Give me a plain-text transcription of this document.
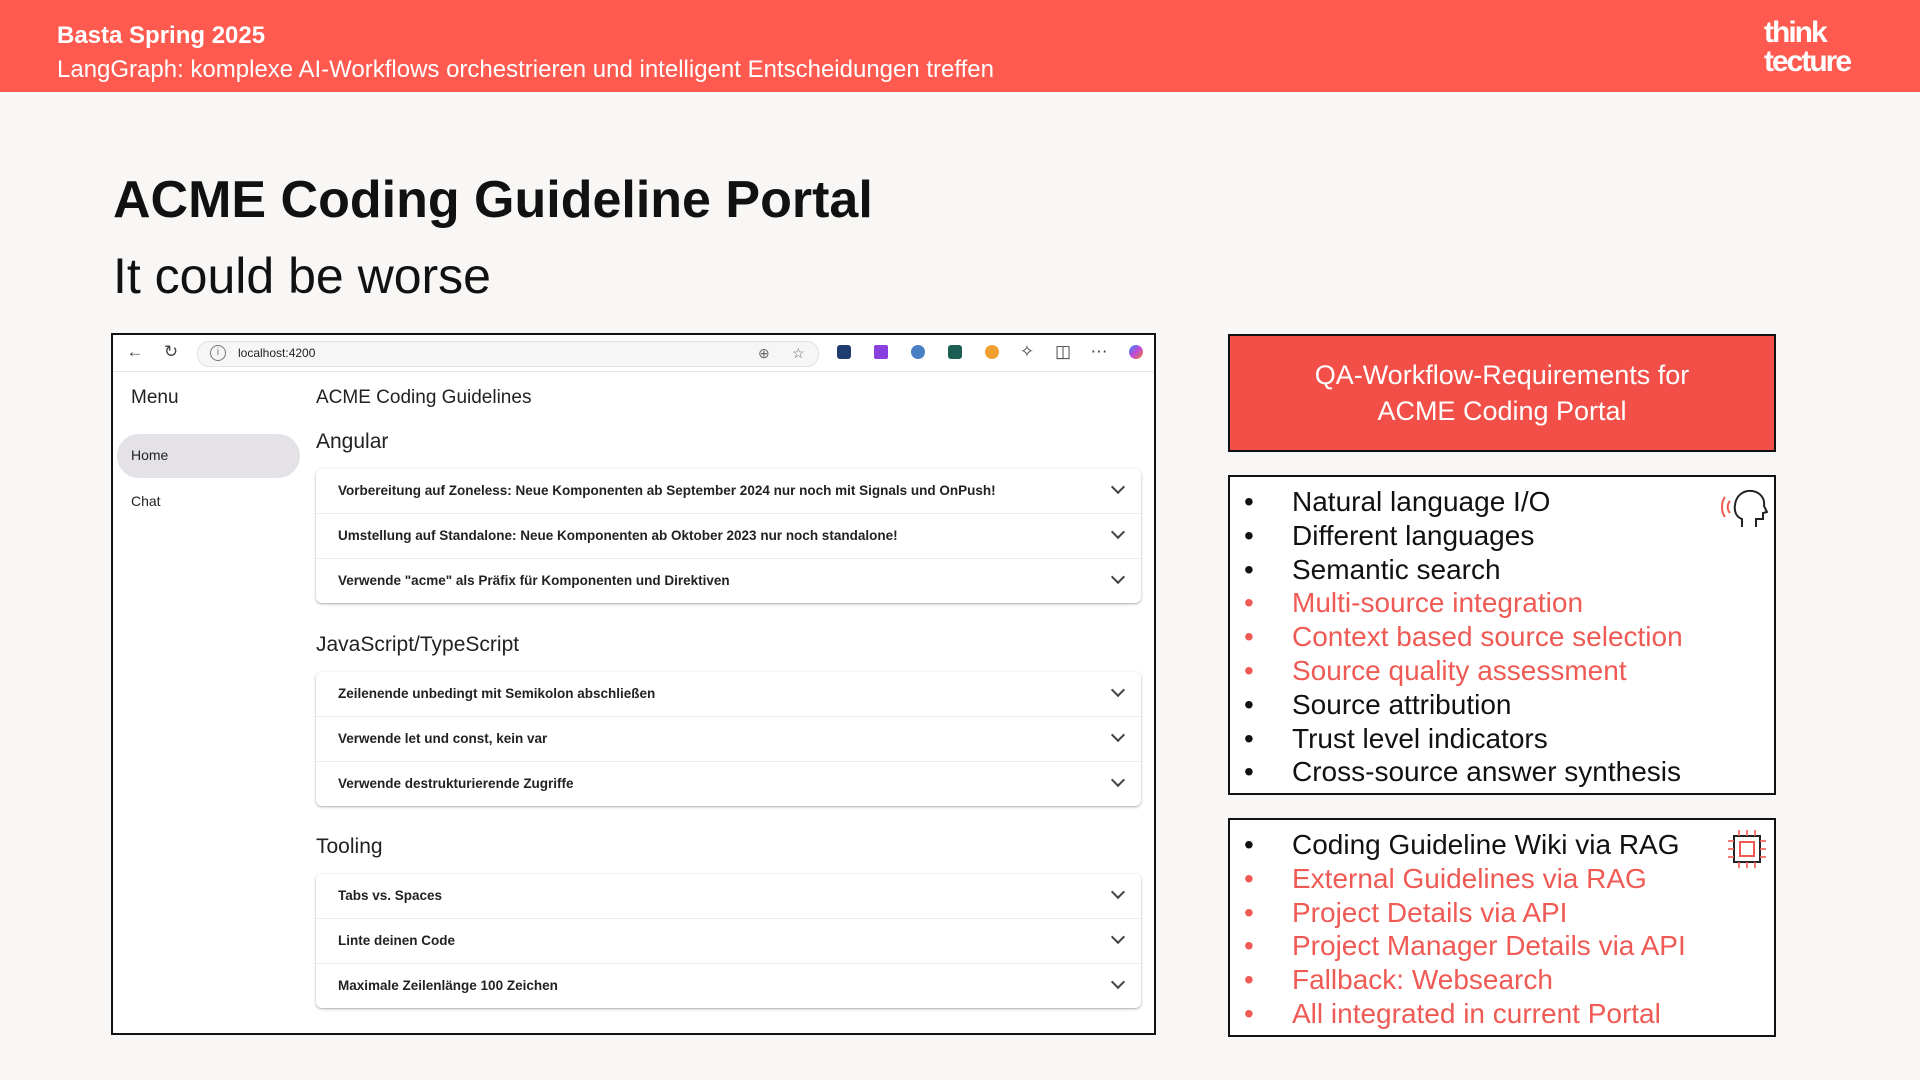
Basta Spring 2025
LangGraph: komplexe AI-Workflows orchestrieren und intelligent Entscheidungen treffen
think
tecture
ACME Coding Guideline Portal
It could be worse
← ↻	i	localhost:4200	⊕ ☆	✧ ◫ ⋯
Menu
Home
Chat
ACME Coding Guidelines
Angular
Vorbereitung auf Zoneless: Neue Komponenten ab September 2024 nur noch mit Signals und OnPush!
Umstellung auf Standalone: Neue Komponenten ab Oktober 2023 nur noch standalone!
Verwende "acme" als Präfix für Komponenten und Direktiven
JavaScript/TypeScript
Zeilenende unbedingt mit Semikolon abschließen
Verwende let und const, kein var
Verwende destrukturierende Zugriffe
Tooling
Tabs vs. Spaces
Linte deinen Code
Maximale Zeilenlänge 100 Zeichen
QA-Workflow-Requirements for
ACME Coding Portal
• Natural language I/O
• Different languages
• Semantic search
• Multi-source integration
• Context based source selection
• Source quality assessment
• Source attribution
• Trust level indicators
• Cross-source answer synthesis
• Coding Guideline Wiki via RAG
• External Guidelines via RAG
• Project Details via API
• Project Manager Details via API
• Fallback: Websearch
• All integrated in current Portal
